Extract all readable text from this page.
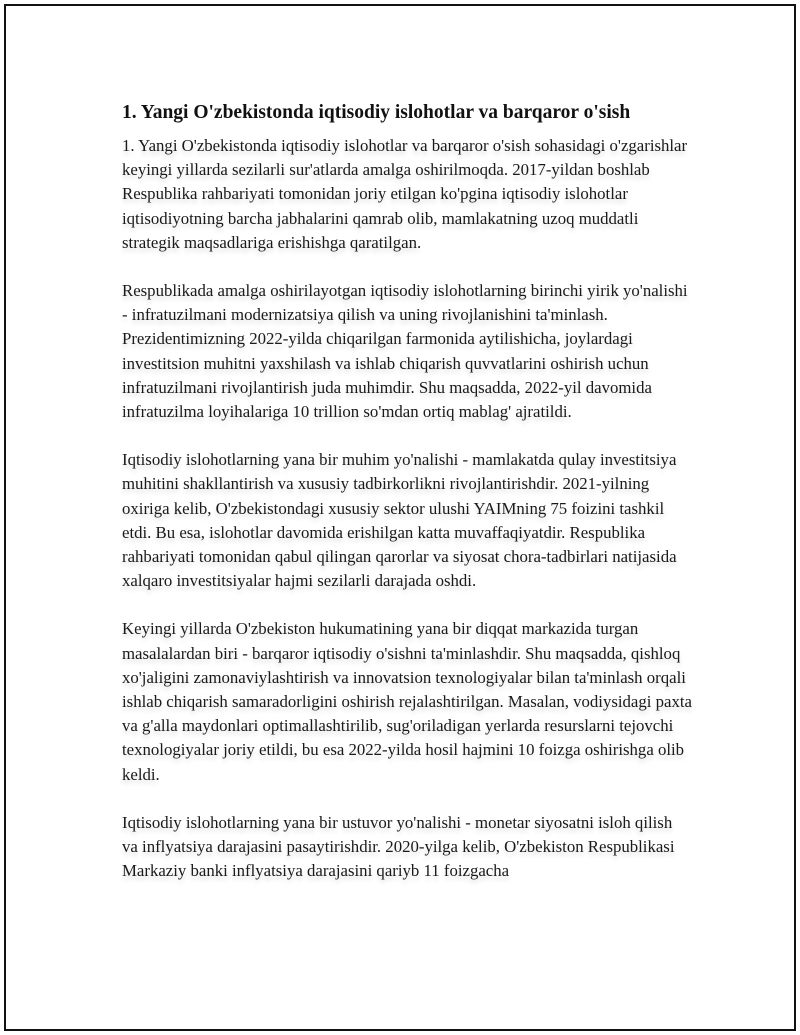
1. Yangi O'zbekistonda iqtisodiy islohotlar va barqaror o'sish

1. Yangi O'zbekistonda iqtisodiy islohotlar va barqaror o'sish sohasidagi o'zgarishlar keyingi yillarda sezilarli sur'atlarda amalga oshirilmoqda. 2017-yildan boshlab Respublika rahbariyati tomonidan joriy etilgan ko'pgina iqtisodiy islohotlar iqtisodiyotning barcha jabhalarini qamrab olib, mamlakatning uzoq muddatli strategik maqsadlariga erishishga qaratilgan.

Respublikada amalga oshirilayotgan iqtisodiy islohotlarning birinchi yirik yo'nalishi - infratuzilmani modernizatsiya qilish va uning rivojlanishini ta'minlash. Prezidentimizning 2022-yilda chiqarilgan farmonida aytilishicha, joylardagi investitsion muhitni yaxshilash va ishlab chiqarish quvvatlarini oshirish uchun infratuzilmani rivojlantirish juda muhimdir. Shu maqsadda, 2022-yil davomida infratuzilma loyihalariga 10 trillion so'mdan ortiq mablag' ajratildi.

Iqtisodiy islohotlarning yana bir muhim yo'nalishi - mamlakatda qulay investitsiya muhitini shakllantirish va xususiy tadbirkorlikni rivojlantirishdir. 2021-yilning oxiriga kelib, O'zbekistondagi xususiy sektor ulushi YAIMning 75 foizini tashkil etdi. Bu esa, islohotlar davomida erishilgan katta muvaffaqiyatdir. Respublika rahbariyati tomonidan qabul qilingan qarorlar va siyosat chora-tadbirlari natijasida xalqaro investitsiyalar hajmi sezilarli darajada oshdi.

Keyingi yillarda O'zbekiston hukumatining yana bir diqqat markazida turgan masalalardan biri - barqaror iqtisodiy o'sishni ta'minlashdir. Shu maqsadda, qishloq xo'jaligini zamonaviylashtirish va innovatsion texnologiyalar bilan ta'minlash orqali ishlab chiqarish samaradorligini oshirish rejalashtirilgan. Masalan, vodiysidagi paxta va g'alla maydonlari optimallashtirilib, sug'oriladigan yerlarda resurslarni tejovchi texnologiyalar joriy etildi, bu esa 2022-yilda hosil hajmini 10 foizga oshirishga olib keldi.

Iqtisodiy islohotlarning yana bir ustuvor yo'nalishi - monetar siyosatni isloh qilish va inflyatsiya darajasini pasaytirishdir. 2020-yilga kelib, O'zbekiston Respublikasi Markaziy banki inflyatsiya darajasini qariyb 11 foizgacha
